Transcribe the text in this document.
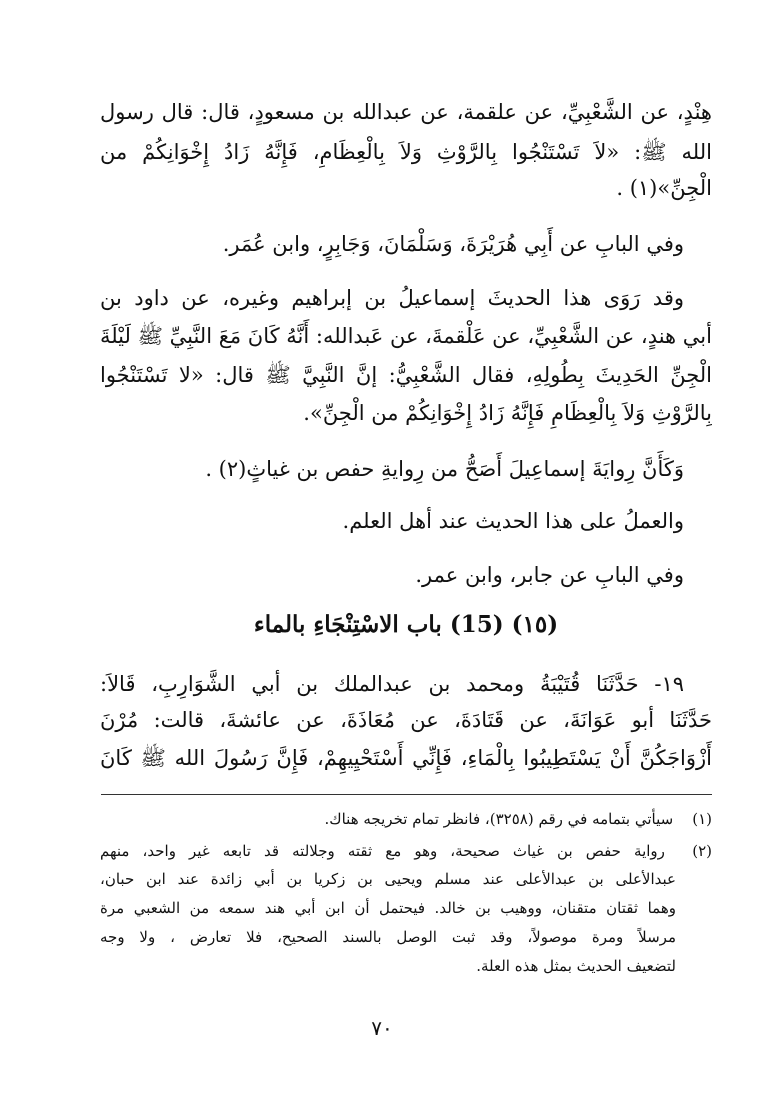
هِنْدٍ، عن الشَّعْبِيِّ، عن علقمة، عن عبدالله بن مسعودٍ، قال: قال رسول
الله ﷺ: «لاَ تَسْتَنْجُوا بِالرَّوْثِ وَلاَ بِالْعِظَامِ، فَإِنَّهُ زَادُ إِخْوَانِكُمْ من
الْجِنِّ»(١) .
وفي البابِ عن أَبِي هُرَيْرَةَ، وَسَلْمَانَ، وَجَابِرٍ، وابن عُمَر.
وقد رَوَى هذا الحديثَ إسماعيلُ بن إبراهيم وغيره، عن داود بن
أبي هندٍ، عن الشَّعْبِيِّ، عن عَلْقمةَ، عن عَبدالله: أَنَّهُ كَانَ مَعَ النَّبِيِّ ﷺ لَيْلَةَ
الْجِنِّ الحَدِيثَ بِطُولِهِ، فقال الشَّعْبِيُّ: إنَّ النَّبِيَّ ﷺ قال: «لا تَسْتَنْجُوا
بِالرَّوْثِ وَلاَ بِالْعِظَامِ فَإِنَّهُ زَادُ إِخْوَانِكُمْ من الْجِنِّ».
وَكَأَنَّ رِوايَةَ إسماعِيلَ أَصَحُّ من رِوايةِ حفص بن غياثٍ(٢) .
والعملُ على هذا الحديث عند أهل العلم.
وفي البابِ عن جابر، وابن عمر.
(١٥) (15) باب الاسْتِنْجَاءِ بالماء
١٩- حَدَّثَنَا قُتَيْبَةُ ومحمد بن عبدالملك بن أبي الشَّوَارِبِ، قَالاَ:
حَدَّثَنَا أبو عَوَانَةَ، عن قَتَادَةَ، عن مُعَاذَةَ، عن عائشةَ، قالت: مُرْنَ
أَزْوَاجَكُنَّ أَنْ يَسْتَطِيبُوا بِالْمَاءِ، فَإِنِّي أَسْتَحْيِيهِمْ، فَإِنَّ رَسُولَ الله ﷺ كَانَ
(١) سيأتي بتمامه في رقم (٣٢٥٨)، فانظر تمام تخريجه هناك.
(٢) رواية حفص بن غياث صحيحة، وهو مع ثقته وجلالته قد تابعه غير واحد، منهم
عبدالأعلى بن عبدالأعلى عند مسلم ويحيى بن زكريا بن أبي زائدة عند ابن حبان،
وهما ثقتان متقنان، ووهيب بن خالد. فيحتمل أن ابن أبي هند سمعه من الشعبي مرة
مرسلاً ومرة موصولاً، وقد ثبت الوصل بالسند الصحيح، فلا تعارض ، ولا وجه
لتضعيف الحديث بمثل هذه العلة.
٧٠
